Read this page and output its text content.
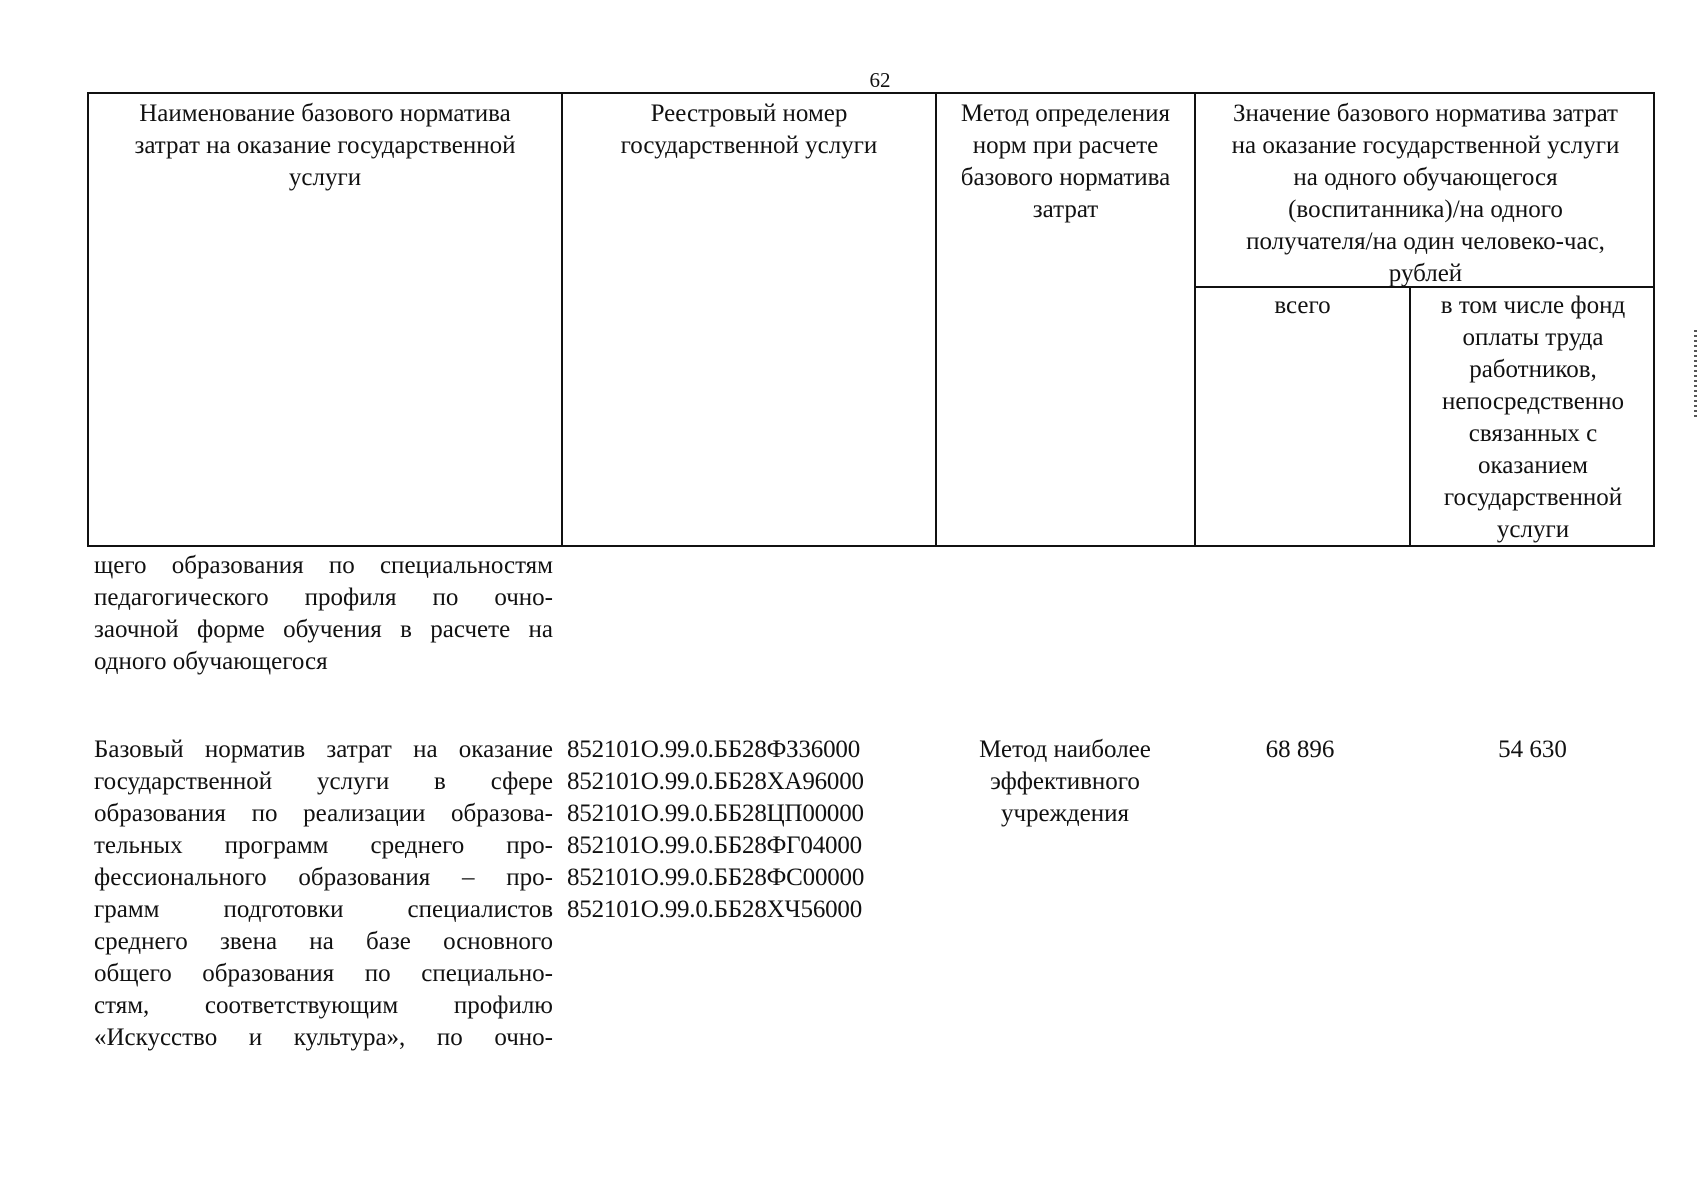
62
Наименование базового норматива
затрат на оказание государственной
услуги
Реестровый номер
государственной услуги
Метод определения
норм при расчете
базового норматива
затрат
Значение базового норматива затрат
на оказание государственной услуги
на одного обучающегося
(воспитанника)/на одного
получателя/на один человеко-час,
рублей
всего	в том числе фонд
оплаты труда
работников,
непосредственно
связанных с
оказанием
государственной
услуги
щего образования по специальностям
педагогического профиля по очно-
заочной форме обучения в расчете на
одного обучающегося
Базовый норматив затрат на оказание
государственной услуги в сфере
образования по реализации образова-
тельных программ среднего про-
фессионального образования – про-
грамм подготовки специалистов
среднего звена на базе основного
общего образования по специально-
стям, соответствующим профилю
«Искусство и культура», по очно-
852101О.99.0.ББ28ФЗ36000
852101О.99.0.ББ28ХА96000
852101О.99.0.ББ28ЦП00000
852101О.99.0.ББ28ФГ04000
852101О.99.0.ББ28ФС00000
852101О.99.0.ББ28ХЧ56000
Метод наиболее
эффективного
учреждения
68 896	54 630
